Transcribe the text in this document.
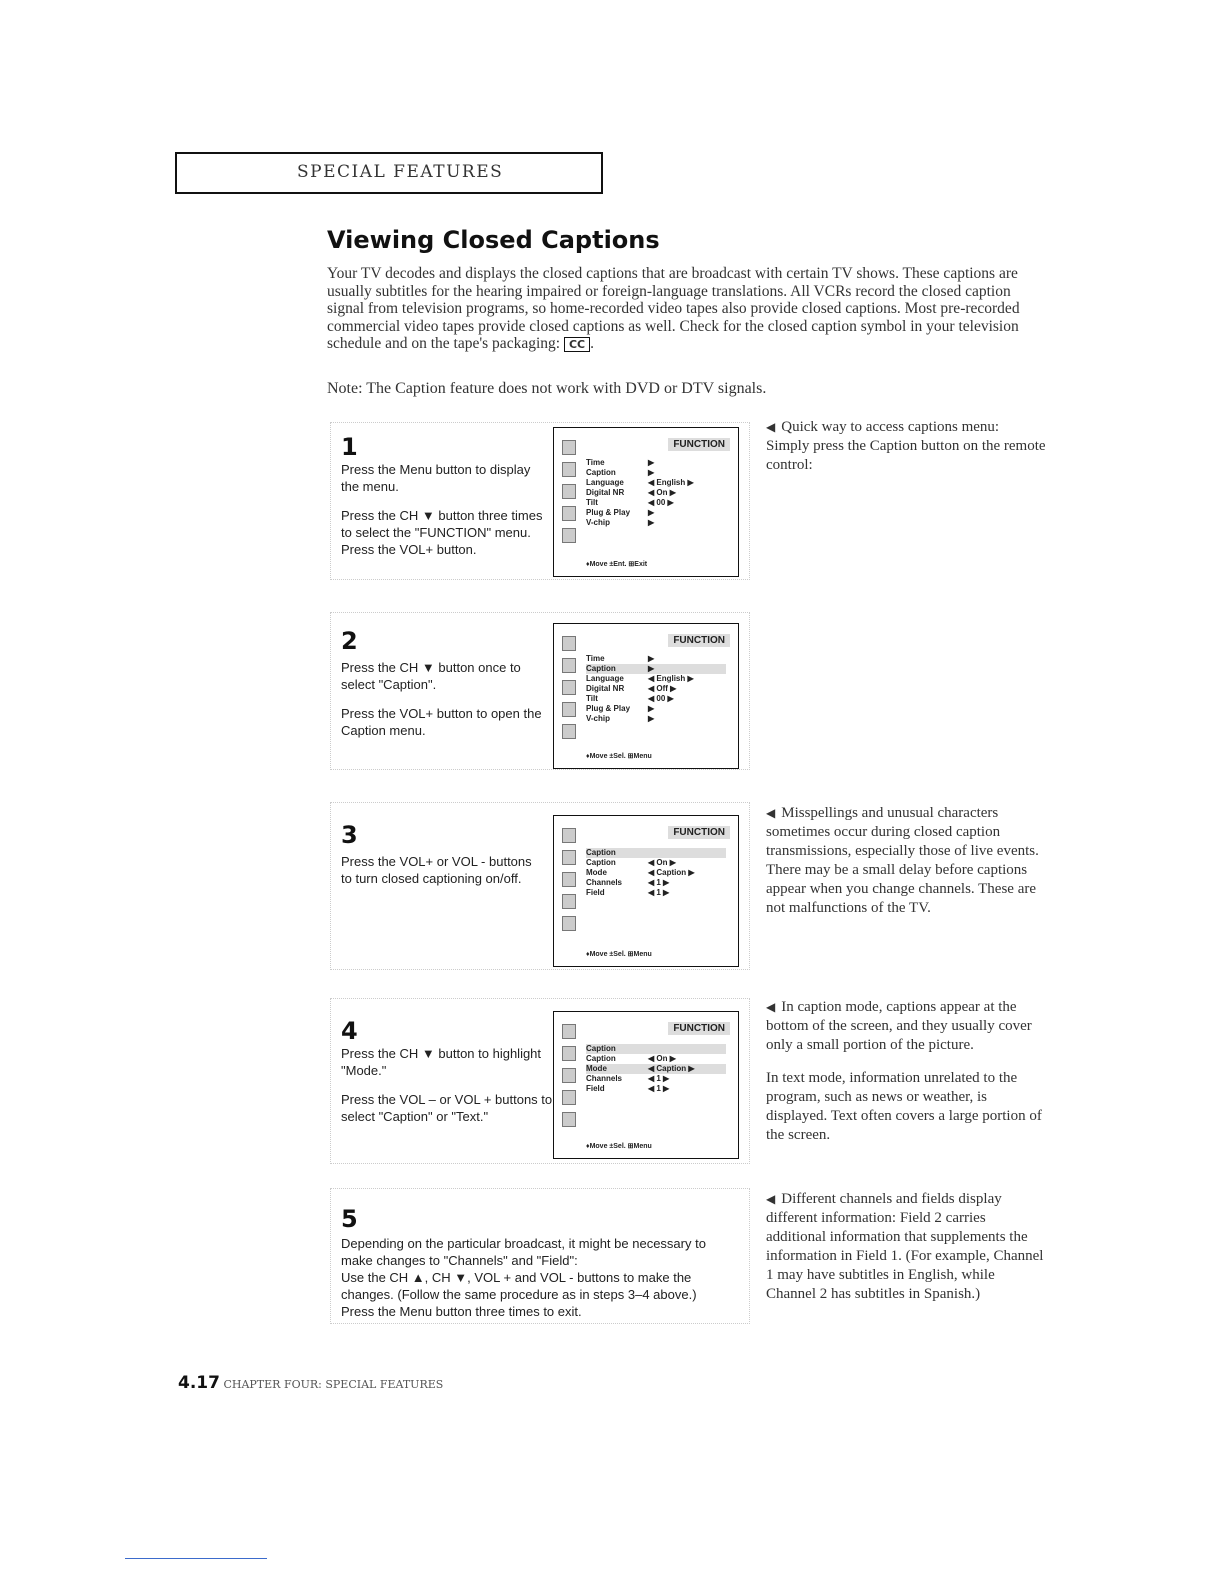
SPECIAL FEATURES
Viewing Closed Captions

Your TV decodes and displays the closed captions that are broadcast with certain TV shows. These captions are usually subtitles for the hearing impaired or foreign-language translations. All VCRs record the closed caption signal from television programs, so home-recorded video tapes also provide closed captions. Most pre-recorded commercial video tapes provide closed captions as well. Check for the closed caption symbol in your television schedule and on the tape's packaging: CC .

Note: The Caption feature does not work with DVD or DTV signals.
1

Press the Menu button to display the menu.

Press the CH ▼ button three times to select the "FUNCTION" menu. Press the VOL+ button.

FUNCTION
Time	▶
Caption	▶
Language	◀ English ▶
Digital NR	◀ On ▶
Tilt	◀ 00 ▶
Plug & Play	▶
V-chip	▶
♦Move ±Ent. ⊞Exit
2

Press the CH ▼ button once to select "Caption".

Press the VOL+ button to open the Caption menu.

FUNCTION
Time	▶
Caption	▶
Language	◀ English ▶
Digital NR	◀ Off ▶
Tilt	◀ 00 ▶
Plug & Play	▶
V-chip	▶
♦Move ±Sel. ⊞Menu
3

Press the VOL+ or VOL - buttons to turn closed captioning on/off.

FUNCTION
Caption
Caption	◀ On ▶
Mode	◀ Caption ▶
Channels	◀ 1 ▶
Field	◀ 1 ▶
♦Move ±Sel. ⊞Menu
4

Press the CH ▼ button to highlight "Mode."

Press the VOL – or VOL + buttons to select "Caption" or "Text."

FUNCTION
Caption
Caption	◀ On ▶
Mode	◀ Caption ▶
Channels	◀ 1 ▶
Field	◀ 1 ▶
♦Move ±Sel. ⊞Menu
5

Depending on the particular broadcast, it might be necessary to make changes to "Channels" and "Field":

Use the CH ▲, CH ▼, VOL + and VOL - buttons to make the changes. (Follow the same procedure as in steps 3–4 above.)

Press the Menu button three times to exit.

◀ Quick way to access captions menu: Simply press the Caption button on the remote control:

◀ Misspellings and unusual characters sometimes occur during closed caption transmissions, especially those of live events. There may be a small delay before captions appear when you change channels. These are not malfunctions of the TV.

◀ In caption mode, captions appear at the bottom of the screen, and they usually cover only a small portion of the picture.

In text mode, information unrelated to the program, such as news or weather, is displayed. Text often covers a large portion of the screen.

◀ Different channels and fields display different information: Field 2 carries additional information that supplements the information in Field 1. (For example, Channel 1 may have subtitles in English, while Channel 2 has subtitles in Spanish.)

4.17 CHAPTER FOUR: SPECIAL FEATURES
